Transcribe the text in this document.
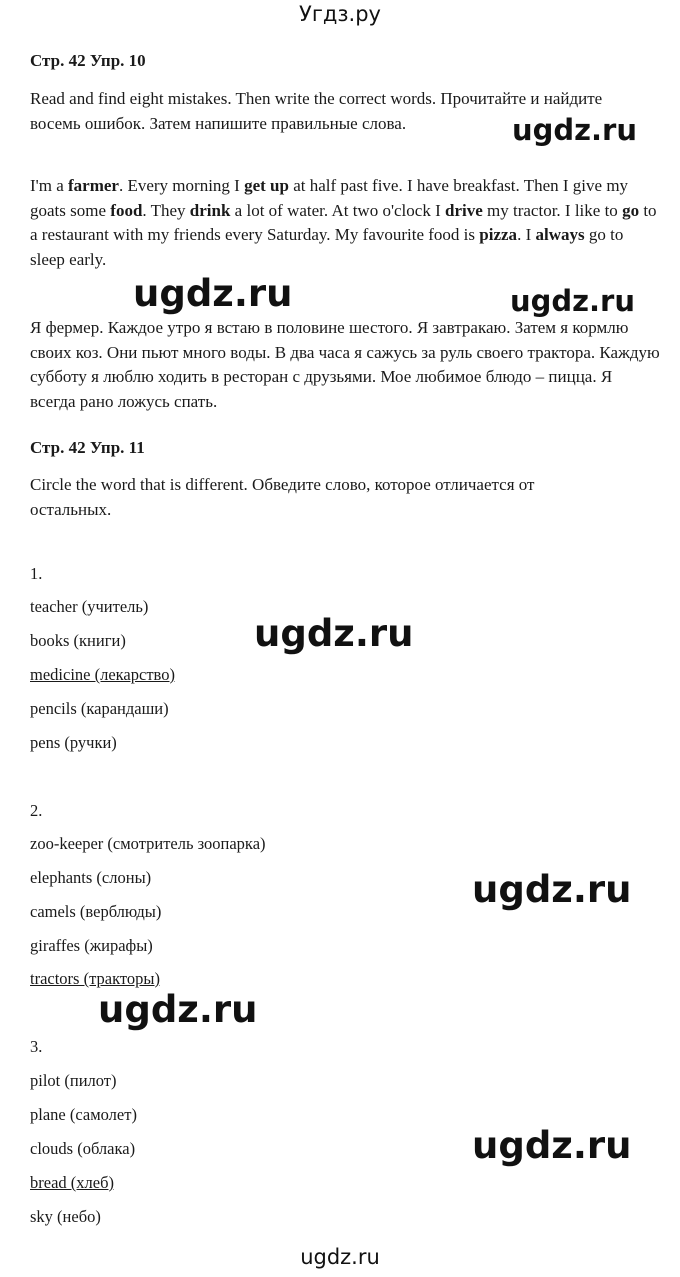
Угдз.ру
Стр. 42 Упр. 10
Read and find eight mistakes. Then write the correct words. Прочитайте и найдите восемь ошибок. Затем напишите правильные слова.
I'm a farmer. Every morning I get up at half past five. I have breakfast. Then I give my goats some food. They drink a lot of water. At two o'clock I drive my tractor. I like to go to a restaurant with my friends every Saturday. My favourite food is pizza. I always go to sleep early.
Я фермер. Каждое утро я встаю в половине шестого. Я завтракаю. Затем я кормлю своих коз. Они пьют много воды. В два часа я сажусь за руль своего трактора. Каждую субботу я люблю ходить в ресторан с друзьями. Мое любимое блюдо – пицца. Я всегда рано ложусь спать.
Стр. 42 Упр. 11
Circle the word that is different. Обведите слово, которое отличается от остальных.
1.
teacher (учитель)
books (книги)
medicine (лекарство)
pencils (карандаши)
pens (ручки)
2.
zoo-keeper (смотритель зоопарка)
elephants (слоны)
camels (верблюды)
giraffes (жирафы)
tractors (тракторы)
3.
pilot (пилот)
plane (самолет)
clouds (облака)
bread (хлеб)
sky (небо)
ugdz.ru
ugdz.ru	ugdz.ru
ugdz.ru
ugdz.ru
ugdz.ru
ugdz.ru
ugdz.ru
